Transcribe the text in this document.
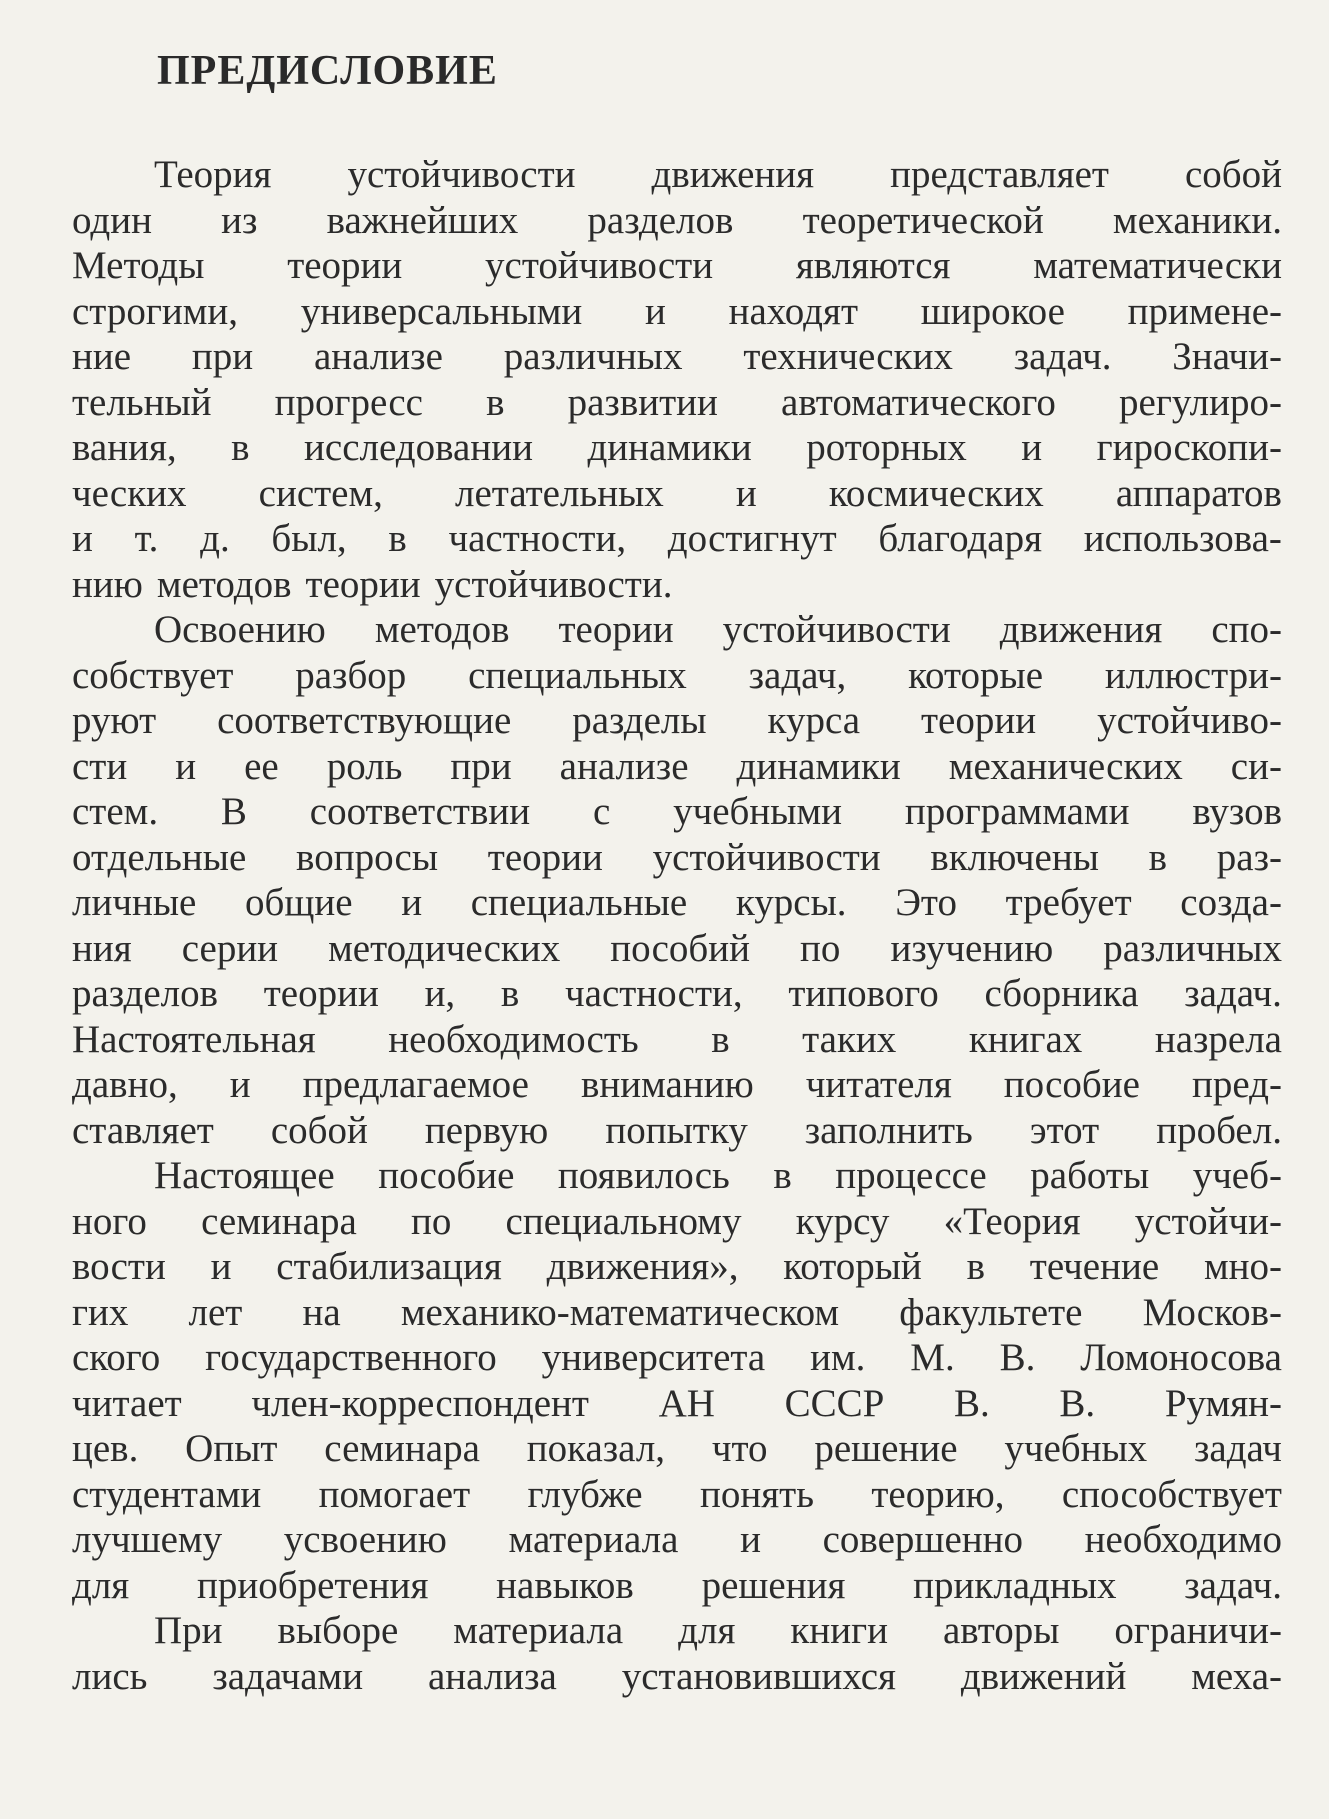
ПРЕДИСЛОВИЕ
Теория устойчивости движения представляет собой
один из важнейших разделов теоретической механики.
Методы теории устойчивости являются математически
строгими, универсальными и находят широкое примене-
ние при анализе различных технических задач. Значи-
тельный прогресс в развитии автоматического регулиро-
вания, в исследовании динамики роторных и гироскопи-
ческих систем, летательных и космических аппаратов
и т. д. был, в частности, достигнут благодаря использова-
нию методов теории устойчивости.
Освоению методов теории устойчивости движения спо-
собствует разбор специальных задач, которые иллюстри-
руют соответствующие разделы курса теории устойчиво-
сти и ее роль при анализе динамики механических си-
стем. В соответствии с учебными программами вузов
отдельные вопросы теории устойчивости включены в раз-
личные общие и специальные курсы. Это требует созда-
ния серии методических пособий по изучению различных
разделов теории и, в частности, типового сборника задач.
Настоятельная необходимость в таких книгах назрела
давно, и предлагаемое вниманию читателя пособие пред-
ставляет собой первую попытку заполнить этот пробел.
Настоящее пособие появилось в процессе работы учеб-
ного семинара по специальному курсу «Теория устойчи-
вости и стабилизация движения», который в течение мно-
гих лет на механико-математическом факультете Москов-
ского государственного университета им. М. В. Ломоносова
читает член-корреспондент АН СССР В. В. Румян-
цев. Опыт семинара показал, что решение учебных задач
студентами помогает глубже понять теорию, способствует
лучшему усвоению материала и совершенно необходимо
для приобретения навыков решения прикладных задач.
При выборе материала для книги авторы ограничи-
лись задачами анализа установившихся движений меха-
